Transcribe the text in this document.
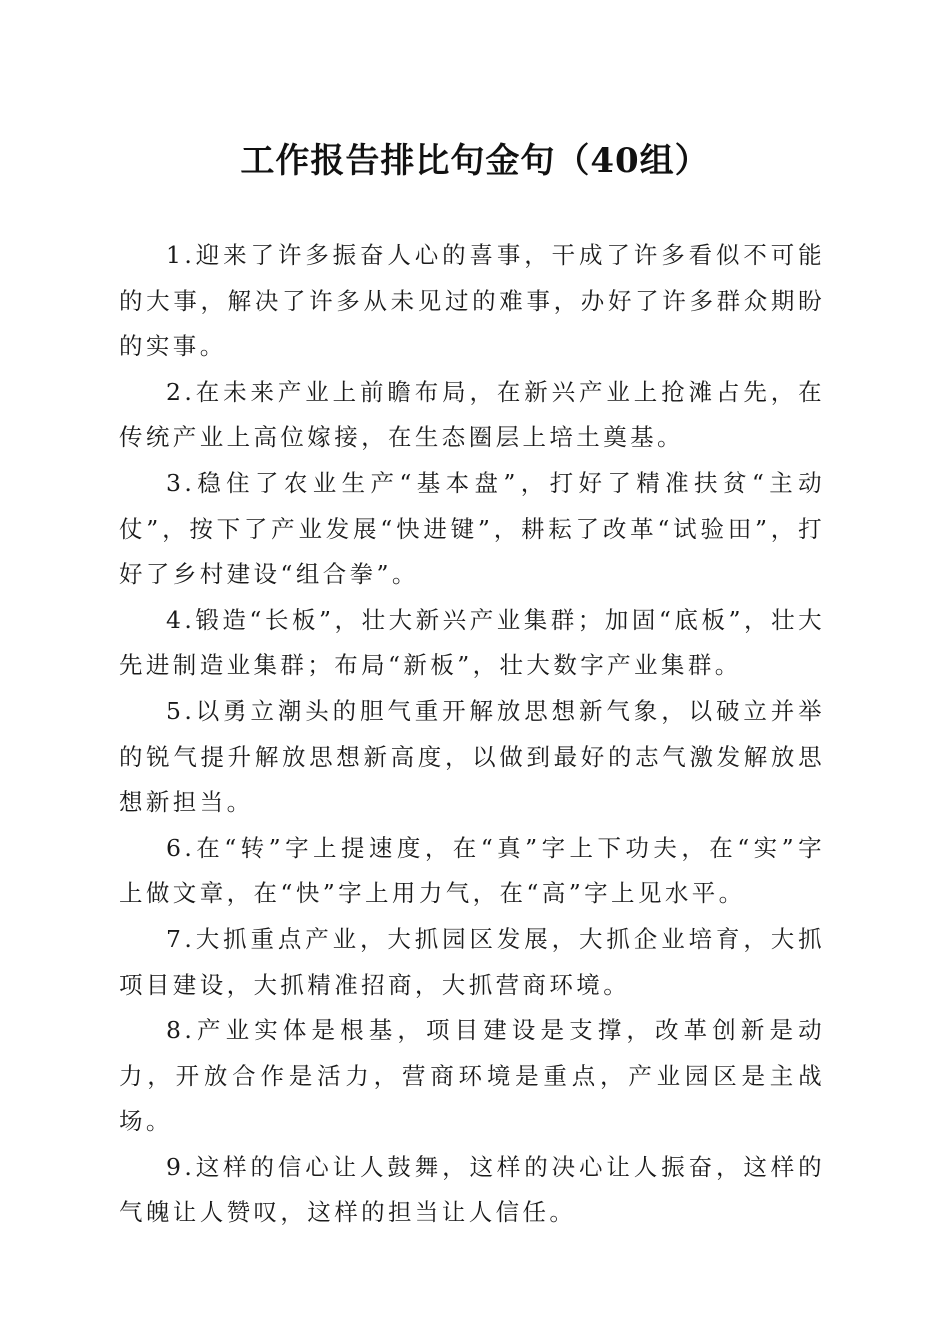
工作报告排比句金句（40组）

1.迎来了许多振奋人心的喜事，干成了许多看似不可能的大事，解决了许多从未见过的难事，办好了许多群众期盼的实事。

2.在未来产业上前瞻布局，在新兴产业上抢滩占先，在传统产业上高位嫁接，在生态圈层上培土奠基。

3.稳住了农业生产“基本盘”，打好了精准扶贫“主动仗”，按下了产业发展“快进键”，耕耘了改革“试验田”，打好了乡村建设“组合拳”。

4.锻造“长板”，壮大新兴产业集群；加固“底板”，壮大先进制造业集群；布局“新板”，壮大数字产业集群。

5.以勇立潮头的胆气重开解放思想新气象，以破立并举的锐气提升解放思想新高度，以做到最好的志气激发解放思想新担当。

6.在“转”字上提速度，在“真”字上下功夫，在“实”字上做文章，在“快”字上用力气，在“高”字上见水平。

7.大抓重点产业，大抓园区发展，大抓企业培育，大抓项目建设，大抓精准招商，大抓营商环境。

8.产业实体是根基，项目建设是支撑，改革创新是动力，开放合作是活力，营商环境是重点，产业园区是主战场。

9.这样的信心让人鼓舞，这样的决心让人振奋，这样的气魄让人赞叹，这样的担当让人信任。
